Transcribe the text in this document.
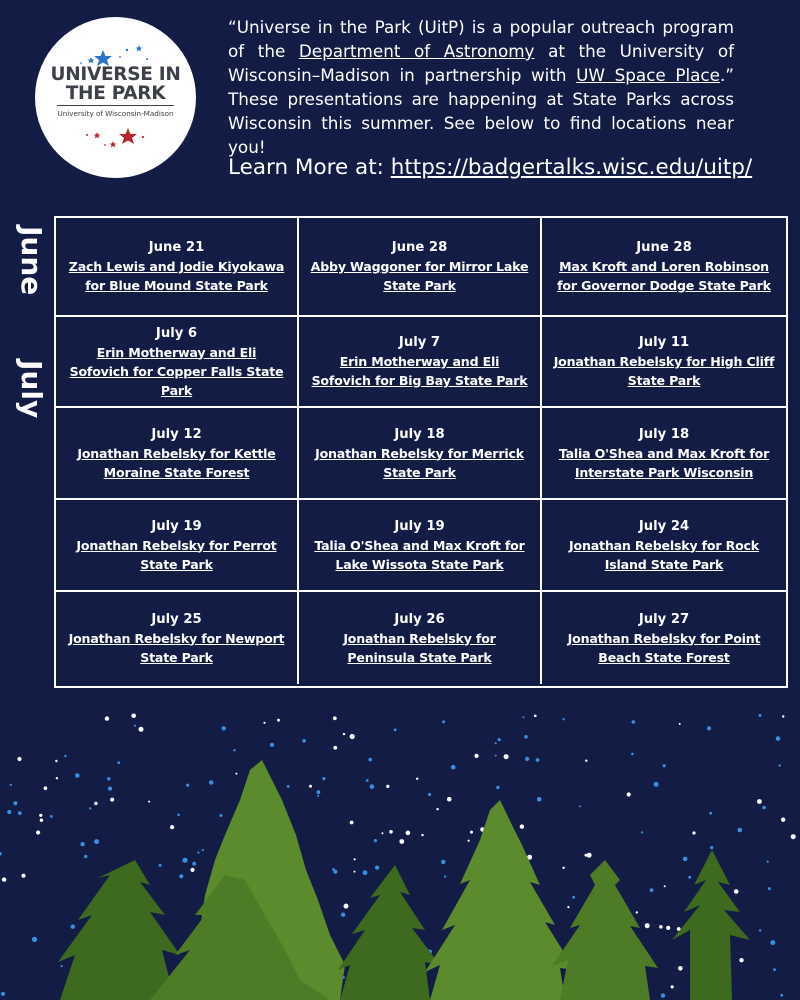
UNIVERSE IN
THE PARK
University of Wisconsin-Madison
“Universe in the Park (UitP) is a popular outreach program of the Department of Astronomy at the University of Wisconsin–Madison in partnership with UW Space Place.” These presentations are happening at State Parks across Wisconsin this summer. See below to find locations near you!
Learn More at: https://badgertalks.wisc.edu/uitp/
June
July
June 21
Zach Lewis and Jodie Kiyokawa for Blue Mound State Park
June 28
Abby Waggoner for Mirror Lake State Park
June 28
Max Kroft and Loren Robinson for Governor Dodge State Park
July 6
Erin Motherway and Eli Sofovich for Copper Falls State Park
July 7
Erin Motherway and Eli Sofovich for Big Bay State Park
July 11
Jonathan Rebelsky for High Cliff State Park
July 12
Jonathan Rebelsky for Kettle Moraine State Forest
July 18
Jonathan Rebelsky for Merrick State Park
July 18
Talia O'Shea and Max Kroft for Interstate Park Wisconsin
July 19
Jonathan Rebelsky for Perrot State Park
July 19
Talia O'Shea and Max Kroft for Lake Wissota State Park
July 24
Jonathan Rebelsky for Rock Island State Park
July 25
Jonathan Rebelsky for Newport State Park
July 26
Jonathan Rebelsky for Peninsula State Park
July 27
Jonathan Rebelsky for Point Beach State Forest
